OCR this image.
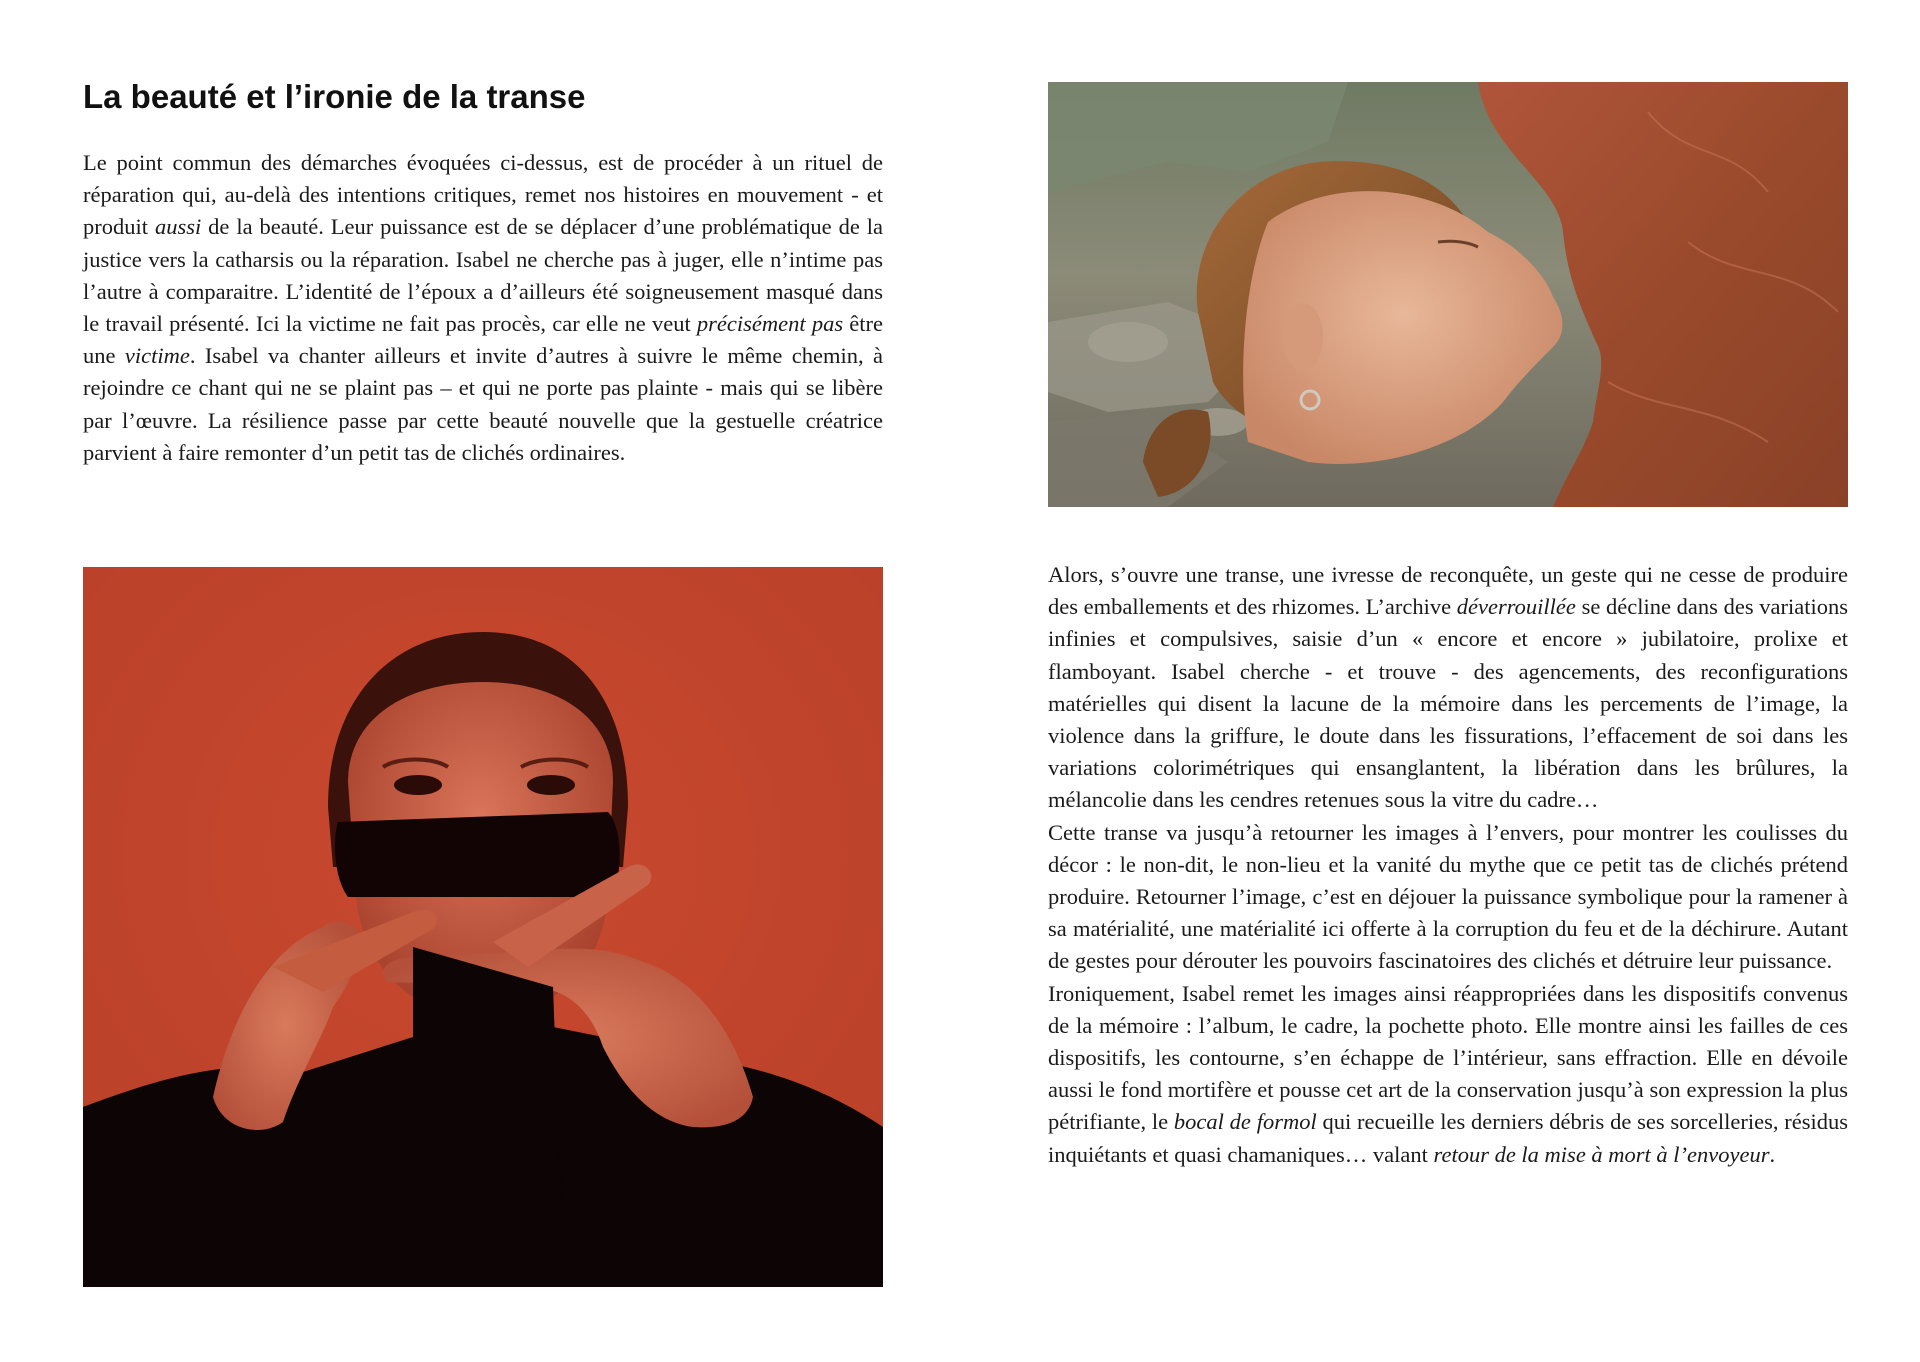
La beauté et l’ironie de la transe

Le point commun des démarches évoquées ci-dessus, est de procéder à un rituel de réparation qui, au-delà des intentions critiques, remet nos histoires en mouvement - et produit aussi de la beauté. Leur puissance est de se déplacer d’une problématique de la justice vers la catharsis ou la réparation. Isabel ne cherche pas à juger, elle n’intime pas l’autre à comparaitre. L’identité de l’époux a d’ailleurs été soigneusement masqué dans le travail présenté. Ici la victime ne fait pas procès, car elle ne veut précisément pas être une victime. Isabel va chanter ailleurs et invite d’autres à suivre le même chemin, à rejoindre ce chant qui ne se plaint pas – et qui ne porte pas plainte - mais qui se libère par l’œuvre. La résilience passe par cette beauté nouvelle que la gestuelle créatrice parvient à faire remonter d’un petit tas de clichés ordinaires.

Alors, s’ouvre une transe, une ivresse de reconquête, un geste qui ne cesse de produire des emballements et des rhizomes. L’archive déverrouillée se décline dans des variations infinies et compulsives, saisie d’un « encore et encore » jubilatoire, prolixe et flamboyant. Isabel cherche - et trouve - des agencements, des reconfigurations matérielles qui disent la lacune de la mémoire dans les percements de l’image, la violence dans la griffure, le doute dans les fissurations, l’effacement de soi dans les variations colorimétriques qui ensanglantent, la libération dans les brûlures, la mélancolie dans les cendres retenues sous la vitre du cadre…

Cette transe va jusqu’à retourner les images à l’envers, pour montrer les coulisses du décor : le non-dit, le non-lieu et la vanité du mythe que ce petit tas de clichés prétend produire. Retourner l’image, c’est en déjouer la puissance symbolique pour la ramener à sa matérialité, une matérialité ici offerte à la corruption du feu et de la déchirure. Autant de gestes pour dérouter les pouvoirs fascinatoires des clichés et détruire leur puissance.

Ironiquement, Isabel remet les images ainsi réappropriées dans les dispositifs convenus de la mémoire : l’album, le cadre, la pochette photo. Elle montre ainsi les failles de ces dispositifs, les contourne, s’en échappe de l’intérieur, sans effraction. Elle en dévoile aussi le fond mortifère et pousse cet art de la conservation jusqu’à son expression la plus pétrifiante, le bocal de formol qui recueille les derniers débris de ses sorcelleries, résidus inquiétants et quasi chamaniques… valant retour de la mise à mort à l’envoyeur.
